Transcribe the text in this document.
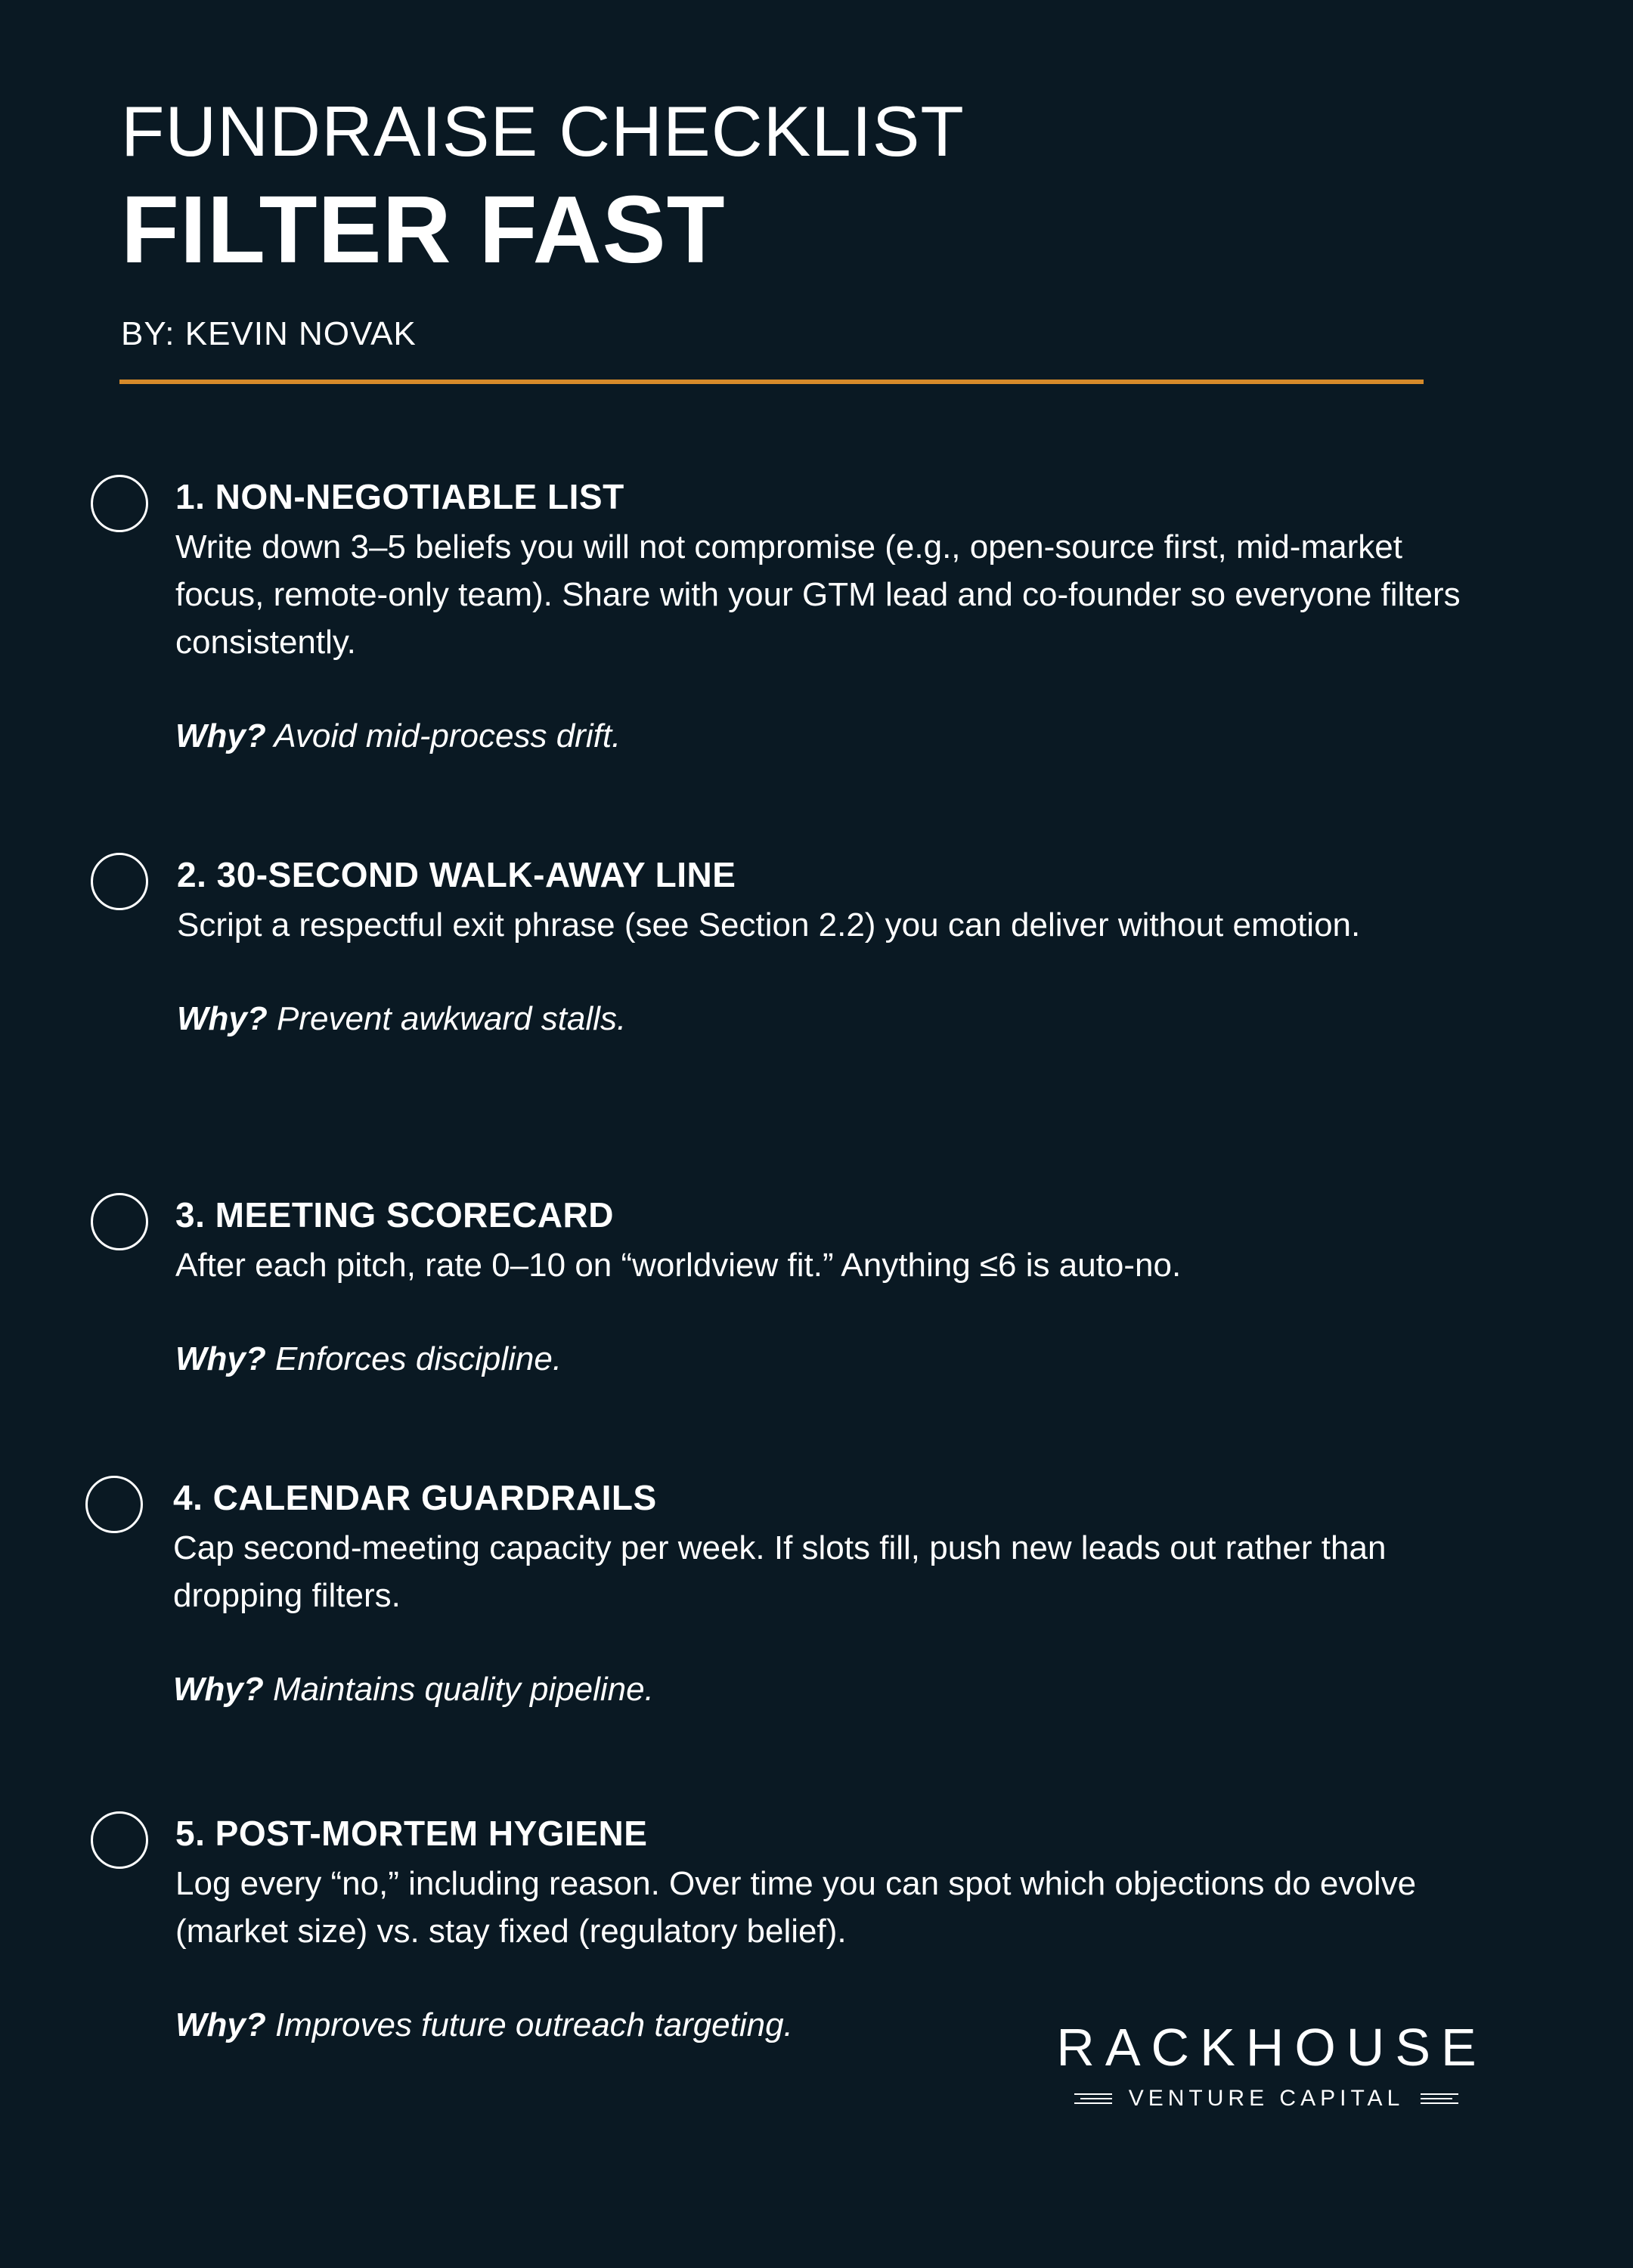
FUNDRAISE CHECKLIST
FILTER FAST
BY: KEVIN NOVAK
1. NON-NEGOTIABLE LIST
Write down 3–5 beliefs you will not compromise (e.g., open-source first, mid-market focus, remote-only team). Share with your GTM lead and co-founder so everyone filters consistently.
Why? Avoid mid-process drift.
2. 30-SECOND WALK-AWAY LINE
Script a respectful exit phrase (see Section 2.2) you can deliver without emotion.
Why? Prevent awkward stalls.
3. MEETING SCORECARD
After each pitch, rate 0–10 on “worldview fit.” Anything ≤6 is auto-no.
Why? Enforces discipline.
4. CALENDAR GUARDRAILS
Cap second-meeting capacity per week. If slots fill, push new leads out rather than dropping filters.
Why? Maintains quality pipeline.
5. POST-MORTEM HYGIENE
Log every “no,” including reason. Over time you can spot which objections do evolve (market size) vs. stay fixed (regulatory belief).
Why? Improves future outreach targeting.	RACKHOUSE
VENTURE CAPITAL
